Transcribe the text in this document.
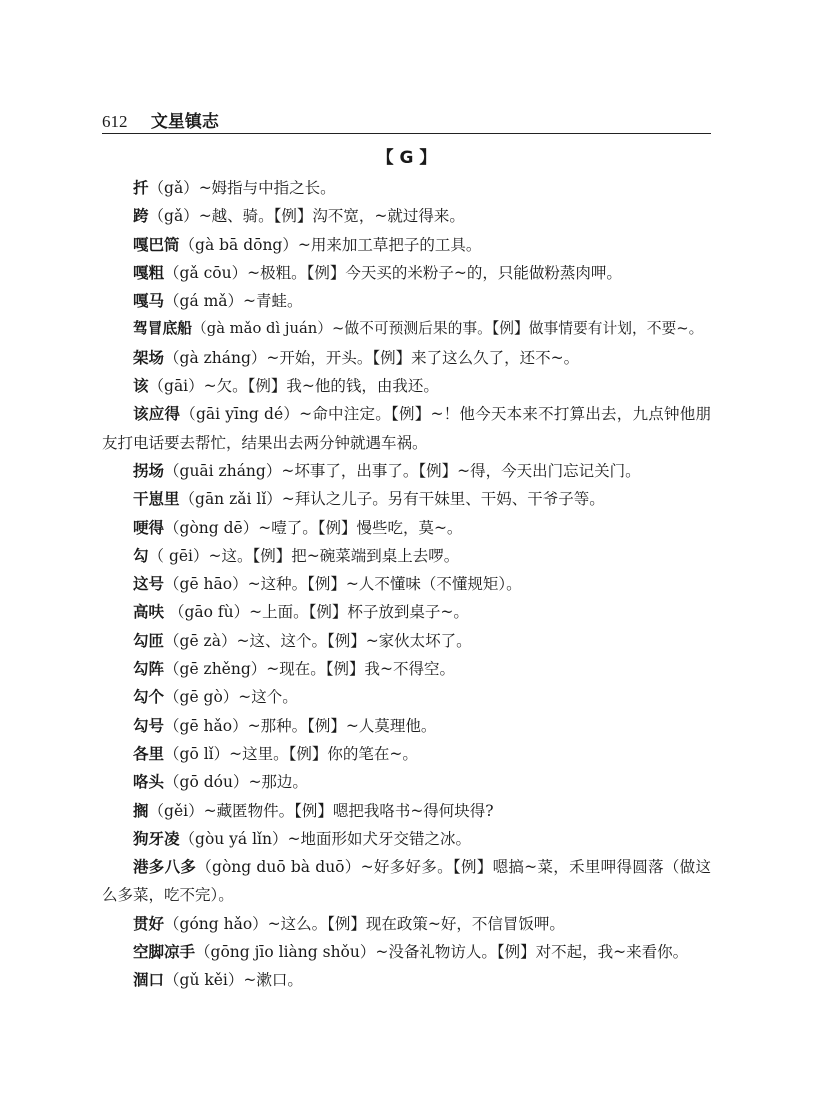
612 文星镇志
【 G 】

扦（gǎ）~姆指与中指之长。

跨（gǎ）~越、骑。【例】沟不宽，~就过得来。

嘎巴筒（gà bā dōng）~用来加工草把子的工具。

嘎粗（gǎ cōu）~极粗。【例】今天买的米粉子~的，只能做粉蒸肉呷。

嘎马（gá mǎ）~青蛙。

驾冒底船（gà mǎo dì juán）~做不可预测后果的事。【例】做事情要有计划，不要~。

架场（gà zháng）~开始，开头。【例】来了这么久了，还不~。

该（gāi）~欠。【例】我~他的钱，由我还。

该应得（gāi yīng dé）~命中注定。【例】~！他今天本来不打算出去，九点钟他朋友打电话要去帮忙，结果出去两分钟就遇车祸。

拐场（guāi zháng）~坏事了，出事了。【例】~得，今天出门忘记关门。

干崽里（gān zǎi lǐ）~拜认之儿子。另有干妹里、干妈、干爷子等。

哽得（gòng dē）~噎了。【例】慢些吃，莫~。

勾（ gēi）~这。【例】把~碗菜端到桌上去啰。

这号（gē hāo）~这种。【例】~人不懂味（不懂规矩）。

高呋 （gāo fù）~上面。【例】杯子放到桌子~。

勾匝（gē zà）~这、这个。【例】~家伙太坏了。

勾阵（gē zhěng）~现在。【例】我~不得空。

勾个（gē gò）~这个。

勾号（gē hǎo）~那种。【例】~人莫理他。

各里（gō lǐ）~这里。【例】你的笔在~。

咯头（gō dóu）~那边。

搁（gěi）~藏匿物件。【例】嗯把我咯书~得何块得?

狗牙凌（gòu yá lǐn）~地面形如犬牙交错之冰。

港多八多（gòng duō bà duō）~好多好多。【例】嗯搞~菜，禾里呷得圆落（做这么多菜，吃不完）。

贯好（góng hǎo）~这么。【例】现在政策~好，不信冒饭呷。

空脚凉手（gōng jīo liàng shǒu）~没备礼物访人。【例】对不起，我~来看你。

涸口（gǔ kěi）~漱口。
